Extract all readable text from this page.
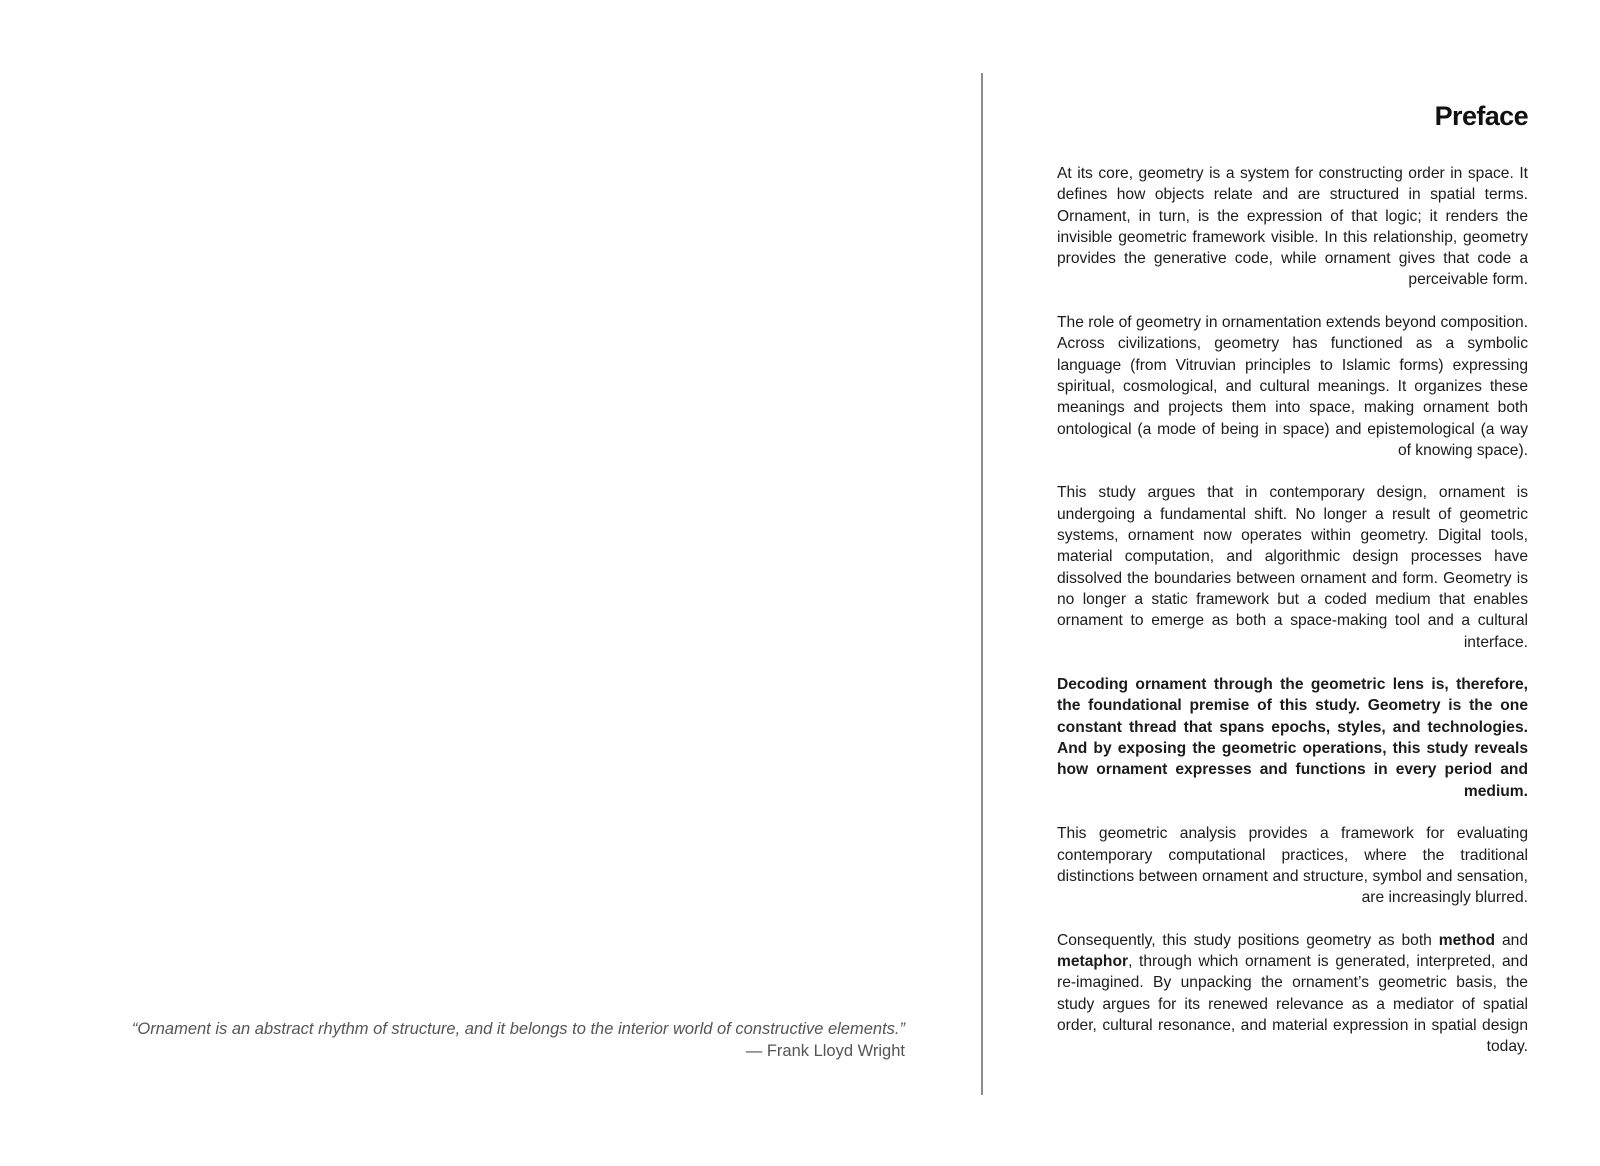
“Ornament is an abstract rhythm of structure, and it belongs to the interior world of constructive elements.”
— Frank Lloyd Wright
Preface

At its core, geometry is a system for constructing order in space. It defines how objects relate and are structured in spatial terms. Ornament, in turn, is the expression of that logic; it renders the invisible geometric framework visible. In this relationship, geometry provides the generative code, while ornament gives that code a perceivable form.

The role of geometry in ornamentation extends beyond composition. Across civilizations, geometry has functioned as a symbolic language (from Vitruvian principles to Islamic forms) expressing spiritual, cosmological, and cultural meanings. It organizes these meanings and projects them into space, making ornament both ontological (a mode of being in space) and epistemological (a way of knowing space).

This study argues that in contemporary design, ornament is undergoing a fundamental shift. No longer a result of geometric systems, ornament now operates within geometry. Digital tools, material computation, and algorithmic design processes have dissolved the boundaries between ornament and form. Geometry is no longer a static framework but a coded medium that enables ornament to emerge as both a space-making tool and a cultural interface.

Decoding ornament through the geometric lens is, therefore, the foundational premise of this study. Geometry is the one constant thread that spans epochs, styles, and technologies. And by exposing the geometric operations, this study reveals how ornament expresses and functions in every period and medium.

This geometric analysis provides a framework for evaluating contemporary computational practices, where the traditional distinctions between ornament and structure, symbol and sensation, are increasingly blurred.

Consequently, this study positions geometry as both method and metaphor, through which ornament is generated, interpreted, and re-imagined. By unpacking the ornament’s geometric basis, the study argues for its renewed relevance as a mediator of spatial order, cultural resonance, and material expression in spatial design today.
